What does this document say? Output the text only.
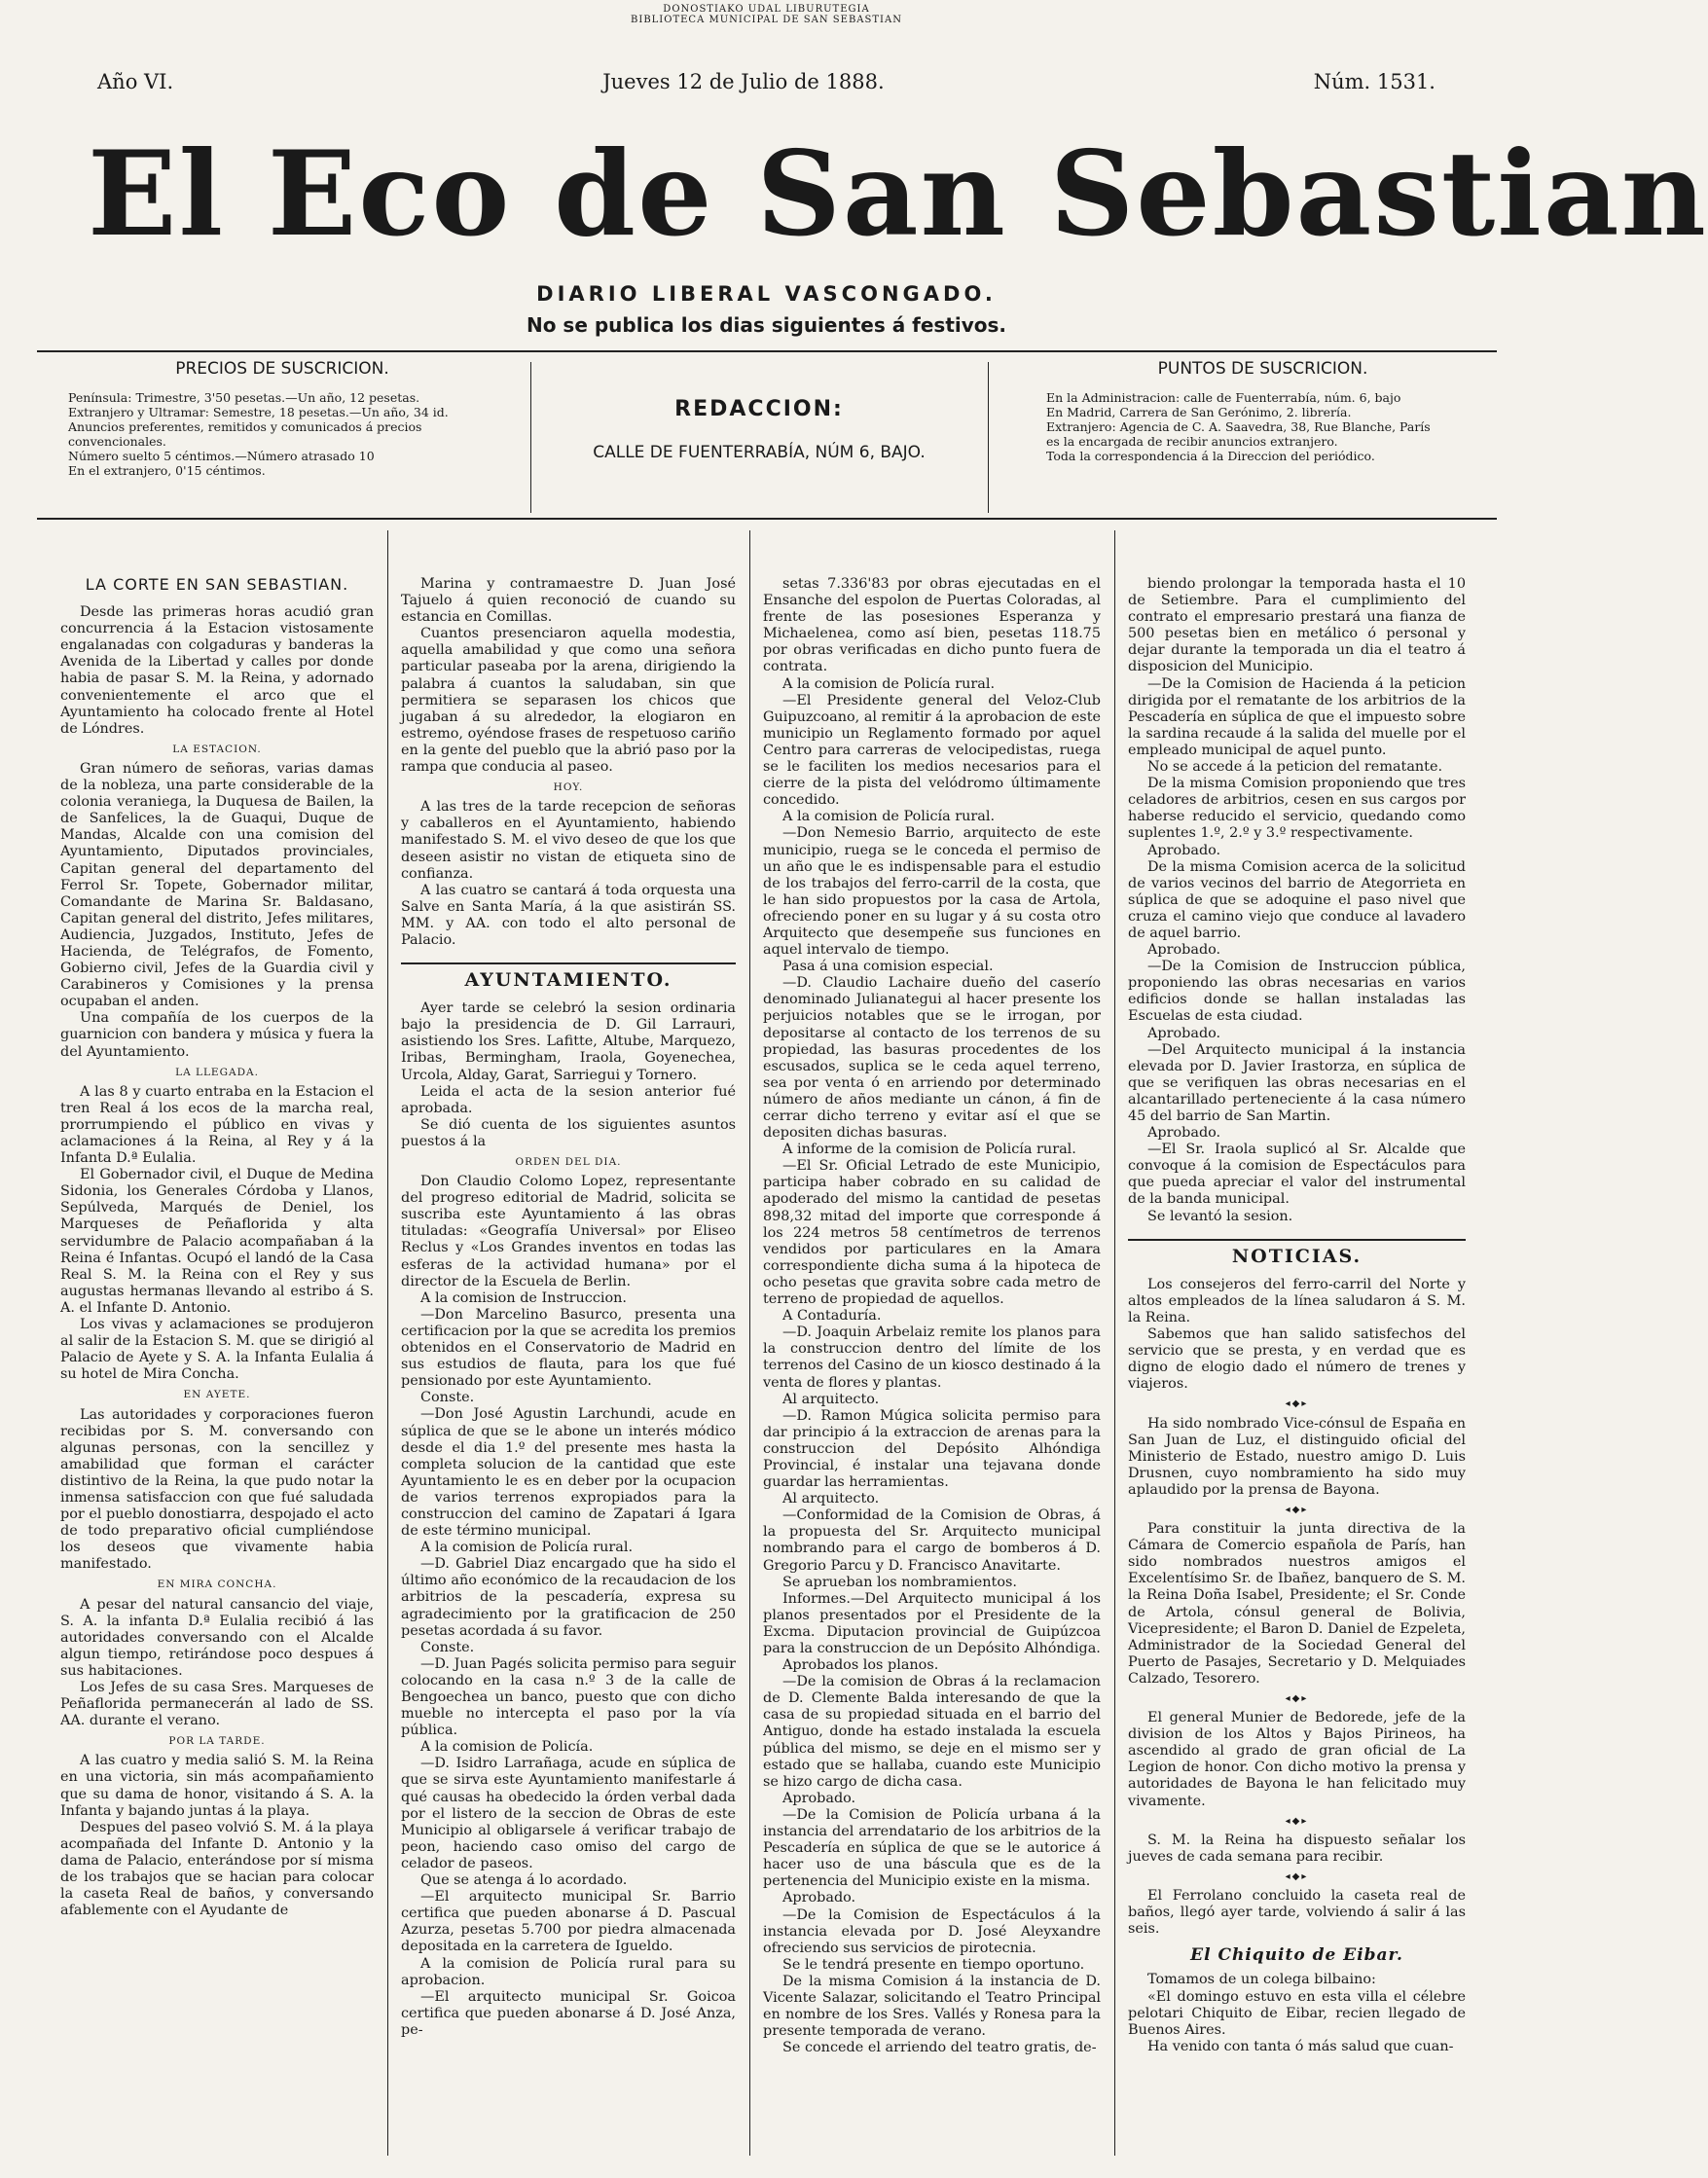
DONOSTIAKO UDAL LIBURUTEGIA
BIBLIOTECA MUNICIPAL DE SAN SEBASTIAN
Año VI.	Jueves 12 de Julio de 1888.	Núm. 1531.
El Eco de San Sebastian
DIARIO LIBERAL VASCONGADO.
No se publica los dias siguientes á festivos.
PRECIOS DE SUSCRICION.

Península: Trimestre, 3'50 pesetas.—Un año, 12 pesetas.

Extranjero y Ultramar: Semestre, 18 pesetas.—Un año, 34 id.

Anuncios preferentes, remitidos y comunicados á precios convencionales.

Número suelto 5 céntimos.—Número atrasado 10

En el extranjero, 0'15 céntimos.

REDACCION:
CALLE DE FUENTERRABÍA, NÚM 6, BAJO.
PUNTOS DE SUSCRICION.

En la Administracion: calle de Fuenterrabía, núm. 6, bajo

En Madrid, Carrera de San Gerónimo, 2. librería.

Extranjero: Agencia de C. A. Saavedra, 38, Rue Blanche, París

es la encargada de recibir anuncios extranjero.

Toda la correspondencia á la Direccion del periódico.

LA CORTE EN SAN SEBASTIAN.

Desde las primeras horas acudió gran concurrencia á la Estacion vistosamente engalanadas con colgaduras y banderas la Avenida de la Libertad y calles por donde habia de pasar S. M. la Reina, y adornado convenientemente el arco que el Ayuntamiento ha colocado frente al Hotel de Lóndres.

LA ESTACION.

Gran número de señoras, varias damas de la nobleza, una parte considerable de la colonia veraniega, la Duquesa de Bailen, la de Sanfelices, la de Guaqui, Duque de Mandas, Alcalde con una comision del Ayuntamiento, Diputados provinciales, Capitan general del departamento del Ferrol Sr. Topete, Gobernador militar, Comandante de Marina Sr. Baldasano, Capitan general del distrito, Jefes militares, Audiencia, Juzgados, Instituto, Jefes de Hacienda, de Telégrafos, de Fomento, Gobierno civil, Jefes de la Guardia civil y Carabineros y Comisiones y la prensa ocupaban el anden.

Una compañía de los cuerpos de la guarnicion con bandera y música y fuera la del Ayuntamiento.

LA LLEGADA.

A las 8 y cuarto entraba en la Estacion el tren Real á los ecos de la marcha real, prorrumpiendo el público en vivas y aclamaciones á la Reina, al Rey y á la Infanta D.ª Eulalia.

El Gobernador civil, el Duque de Medina Sidonia, los Generales Córdoba y Llanos, Sepúlveda, Marqués de Deniel, los Marqueses de Peñaflorida y alta servidumbre de Palacio acompañaban á la Reina é Infantas. Ocupó el landó de la Casa Real S. M. la Reina con el Rey y sus augustas hermanas llevando al estribo á S. A. el Infante D. Antonio.

Los vivas y aclamaciones se produjeron al salir de la Estacion S. M. que se dirigió al Palacio de Ayete y S. A. la Infanta Eulalia á su hotel de Mira Concha.

EN AYETE.

Las autoridades y corporaciones fueron recibidas por S. M. conversando con algunas personas, con la sencillez y amabilidad que forman el carácter distintivo de la Reina, la que pudo notar la inmensa satisfaccion con que fué saludada por el pueblo donostiarra, despojado el acto de todo preparativo oficial cumpliéndose los deseos que vivamente habia manifestado.

EN MIRA CONCHA.

A pesar del natural cansancio del viaje, S. A. la infanta D.ª Eulalia recibió á las autoridades conversando con el Alcalde algun tiempo, retirándose poco despues á sus habitaciones.

Los Jefes de su casa Sres. Marqueses de Peñaflorida permanecerán al lado de SS. AA. durante el verano.

POR LA TARDE.

A las cuatro y media salió S. M. la Reina en una victoria, sin más acompañamiento que su dama de honor, visitando á S. A. la Infanta y bajando juntas á la playa.

Despues del paseo volvió S. M. á la playa acompañada del Infante D. Antonio y la dama de Palacio, enterándose por sí misma de los trabajos que se hacian para colocar la caseta Real de baños, y conversando afablemente con el Ayudante de

Marina y contramaestre D. Juan José Tajuelo á quien reconoció de cuando su estancia en Comillas.

Cuantos presenciaron aquella modestia, aquella amabilidad y que como una señora particular paseaba por la arena, dirigiendo la palabra á cuantos la saludaban, sin que permitiera se separasen los chicos que jugaban á su alrededor, la elogiaron en estremo, oyéndose frases de respetuoso cariño en la gente del pueblo que la abrió paso por la rampa que conducia al paseo.

HOY.

A las tres de la tarde recepcion de señoras y caballeros en el Ayuntamiento, habiendo manifestado S. M. el vivo deseo de que los que deseen asistir no vistan de etiqueta sino de confianza.

A las cuatro se cantará á toda orquesta una Salve en Santa María, á la que asistirán SS. MM. y AA. con todo el alto personal de Palacio.

AYUNTAMIENTO.

Ayer tarde se celebró la sesion ordinaria bajo la presidencia de D. Gil Larrauri, asistiendo los Sres. Lafitte, Altube, Marquezo, Iribas, Bermingham, Iraola, Goyenechea, Urcola, Alday, Garat, Sarriegui y Tornero.

Leida el acta de la sesion anterior fué aprobada.

Se dió cuenta de los siguientes asuntos puestos á la

ORDEN DEL DIA.

Don Claudio Colomo Lopez, representante del progreso editorial de Madrid, solicita se suscriba este Ayuntamiento á las obras tituladas: «Geografía Universal» por Eliseo Reclus y «Los Grandes inventos en todas las esferas de la actividad humana» por el director de la Escuela de Berlin.

A la comision de Instruccion.

—Don Marcelino Basurco, presenta una certificacion por la que se acredita los premios obtenidos en el Conservatorio de Madrid en sus estudios de flauta, para los que fué pensionado por este Ayuntamiento.

Conste.

—Don José Agustin Larchundi, acude en súplica de que se le abone un interés módico desde el dia 1.º del presente mes hasta la completa solucion de la cantidad que este Ayuntamiento le es en deber por la ocupacion de varios terrenos expropiados para la construccion del camino de Zapatari á Igara de este término municipal.

A la comision de Policía rural.

—D. Gabriel Diaz encargado que ha sido el último año económico de la recaudacion de los arbitrios de la pescadería, expresa su agradecimiento por la gratificacion de 250 pesetas acordada á su favor.

Conste.

—D. Juan Pagés solicita permiso para seguir colocando en la casa n.º 3 de la calle de Bengoechea un banco, puesto que con dicho mueble no intercepta el paso por la vía pública.

A la comision de Policía.

—D. Isidro Larrañaga, acude en súplica de que se sirva este Ayuntamiento manifestarle á qué causas ha obedecido la órden verbal dada por el listero de la seccion de Obras de este Municipio al obligarsele á verificar trabajo de peon, haciendo caso omiso del cargo de celador de paseos.

Que se atenga á lo acordado.

—El arquitecto municipal Sr. Barrio certifica que pueden abonarse á D. Pascual Azurza, pesetas 5.700 por piedra almacenada depositada en la carretera de Igueldo.

A la comision de Policía rural para su aprobacion.

—El arquitecto municipal Sr. Goicoa certifica que pueden abonarse á D. José Anza, pe-

setas 7.336'83 por obras ejecutadas en el Ensanche del espolon de Puertas Coloradas, al frente de las posesiones Esperanza y Michaelenea, como así bien, pesetas 118.75 por obras verificadas en dicho punto fuera de contrata.

A la comision de Policía rural.

—El Presidente general del Veloz-Club Guipuzcoano, al remitir á la aprobacion de este municipio un Reglamento formado por aquel Centro para carreras de velocipedistas, ruega se le faciliten los medios necesarios para el cierre de la pista del velódromo últimamente concedido.

A la comision de Policía rural.

—Don Nemesio Barrio, arquitecto de este municipio, ruega se le conceda el permiso de un año que le es indispensable para el estudio de los trabajos del ferro-carril de la costa, que le han sido propuestos por la casa de Artola, ofreciendo poner en su lugar y á su costa otro Arquitecto que desempeñe sus funciones en aquel intervalo de tiempo.

Pasa á una comision especial.

—D. Claudio Lachaire dueño del caserío denominado Julianategui al hacer presente los perjuicios notables que se le irrogan, por depositarse al contacto de los terrenos de su propiedad, las basuras procedentes de los escusados, suplica se le ceda aquel terreno, sea por venta ó en arriendo por determinado número de años mediante un cánon, á fin de cerrar dicho terreno y evitar así el que se depositen dichas basuras.

A informe de la comision de Policía rural.

—El Sr. Oficial Letrado de este Municipio, participa haber cobrado en su calidad de apoderado del mismo la cantidad de pesetas 898,32 mitad del importe que corresponde á los 224 metros 58 centímetros de terrenos vendidos por particulares en la Amara correspondiente dicha suma á la hipoteca de ocho pesetas que gravita sobre cada metro de terreno de propiedad de aquellos.

A Contaduría.

—D. Joaquin Arbelaiz remite los planos para la construccion dentro del límite de los terrenos del Casino de un kiosco destinado á la venta de flores y plantas.

Al arquitecto.

—D. Ramon Múgica solicita permiso para dar principio á la extraccion de arenas para la construccion del Depósito Alhóndiga Provincial, é instalar una tejavana donde guardar las herramientas.

Al arquitecto.

—Conformidad de la Comision de Obras, á la propuesta del Sr. Arquitecto municipal nombrando para el cargo de bomberos á D. Gregorio Parcu y D. Francisco Anavitarte.

Se aprueban los nombramientos.

Informes.—Del Arquitecto municipal á los planos presentados por el Presidente de la Excma. Diputacion provincial de Guipúzcoa para la construccion de un Depósito Alhóndiga.

Aprobados los planos.

—De la comision de Obras á la reclamacion de D. Clemente Balda interesando de que la casa de su propiedad situada en el barrio del Antiguo, donde ha estado instalada la escuela pública del mismo, se deje en el mismo ser y estado que se hallaba, cuando este Municipio se hizo cargo de dicha casa.

Aprobado.

—De la Comision de Policía urbana á la instancia del arrendatario de los arbitrios de la Pescadería en súplica de que se le autorice á hacer uso de una báscula que es de la pertenencia del Municipio existe en la misma.

Aprobado.

—De la Comision de Espectáculos á la instancia elevada por D. José Aleyxandre ofreciendo sus servicios de pirotecnia.

Se le tendrá presente en tiempo oportuno.

De la misma Comision á la instancia de D. Vicente Salazar, solicitando el Teatro Principal en nombre de los Sres. Vallés y Ronesa para la presente temporada de verano.

Se concede el arriendo del teatro gratis, de-

biendo prolongar la temporada hasta el 10 de Setiembre. Para el cumplimiento del contrato el empresario prestará una fianza de 500 pesetas bien en metálico ó personal y dejar durante la temporada un dia el teatro á disposicion del Municipio.

—De la Comision de Hacienda á la peticion dirigida por el rematante de los arbitrios de la Pescadería en súplica de que el impuesto sobre la sardina recaude á la salida del muelle por el empleado municipal de aquel punto.

No se accede á la peticion del rematante.

De la misma Comision proponiendo que tres celadores de arbitrios, cesen en sus cargos por haberse reducido el servicio, quedando como suplentes 1.º, 2.º y 3.º respectivamente.

Aprobado.

De la misma Comision acerca de la solicitud de varios vecinos del barrio de Ategorrieta en súplica de que se adoquine el paso nivel que cruza el camino viejo que conduce al lavadero de aquel barrio.

Aprobado.

—De la Comision de Instruccion pública, proponiendo las obras necesarias en varios edificios donde se hallan instaladas las Escuelas de esta ciudad.

Aprobado.

—Del Arquitecto municipal á la instancia elevada por D. Javier Irastorza, en súplica de que se verifiquen las obras necesarias en el alcantarillado perteneciente á la casa número 45 del barrio de San Martin.

Aprobado.

—El Sr. Iraola suplicó al Sr. Alcalde que convoque á la comision de Espectáculos para que pueda apreciar el valor del instrumental de la banda municipal.

Se levantó la sesion.

NOTICIAS.

Los consejeros del ferro-carril del Norte y altos empleados de la línea saludaron á S. M. la Reina.

Sabemos que han salido satisfechos del servicio que se presta, y en verdad que es digno de elogio dado el número de trenes y viajeros.

◂◆▸

Ha sido nombrado Vice-cónsul de España en San Juan de Luz, el distinguido oficial del Ministerio de Estado, nuestro amigo D. Luis Drusnen, cuyo nombramiento ha sido muy aplaudido por la prensa de Bayona.

◂◆▸

Para constituir la junta directiva de la Cámara de Comercio española de París, han sido nombrados nuestros amigos el Excelentísimo Sr. de Ibañez, banquero de S. M. la Reina Doña Isabel, Presidente; el Sr. Conde de Artola, cónsul general de Bolivia, Vicepresidente; el Baron D. Daniel de Ezpeleta, Administrador de la Sociedad General del Puerto de Pasajes, Secretario y D. Melquiades Calzado, Tesorero.

◂◆▸

El general Munier de Bedorede, jefe de la division de los Altos y Bajos Pirineos, ha ascendido al grado de gran oficial de La Legion de honor. Con dicho motivo la prensa y autoridades de Bayona le han felicitado muy vivamente.

◂◆▸

S. M. la Reina ha dispuesto señalar los jueves de cada semana para recibir.

◂◆▸

El Ferrolano concluido la caseta real de baños, llegó ayer tarde, volviendo á salir á las seis.

El Chiquito de Eibar.

Tomamos de un colega bilbaino:

«El domingo estuvo en esta villa el célebre pelotari Chiquito de Eibar, recien llegado de Buenos Aires.

Ha venido con tanta ó más salud que cuan-
